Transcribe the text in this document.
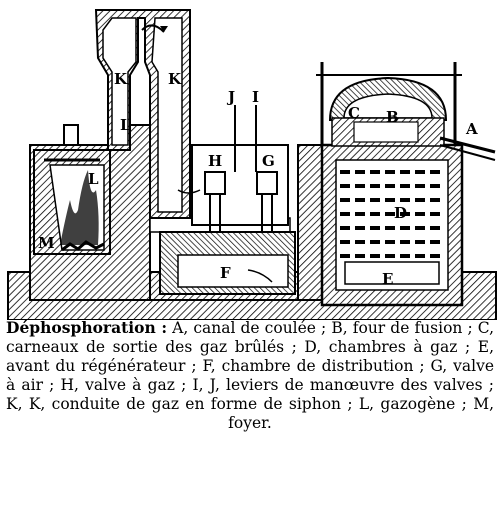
A
B
C
D
E
F
G
H
I
J
K	K
L
L
M
Déphosphoration : A, canal de coulée ; B, four de fusion ; C, carneaux de sortie des gaz brûlés ; D, chambres à gaz ; E, avant du régénérateur ; F, chambre de distribution ; G, valve à air ; H, valve à gaz ; I, J, leviers de manœuvre des valves ; K, K, conduite de gaz en forme de siphon ; L, gazogène ; M, foyer.
